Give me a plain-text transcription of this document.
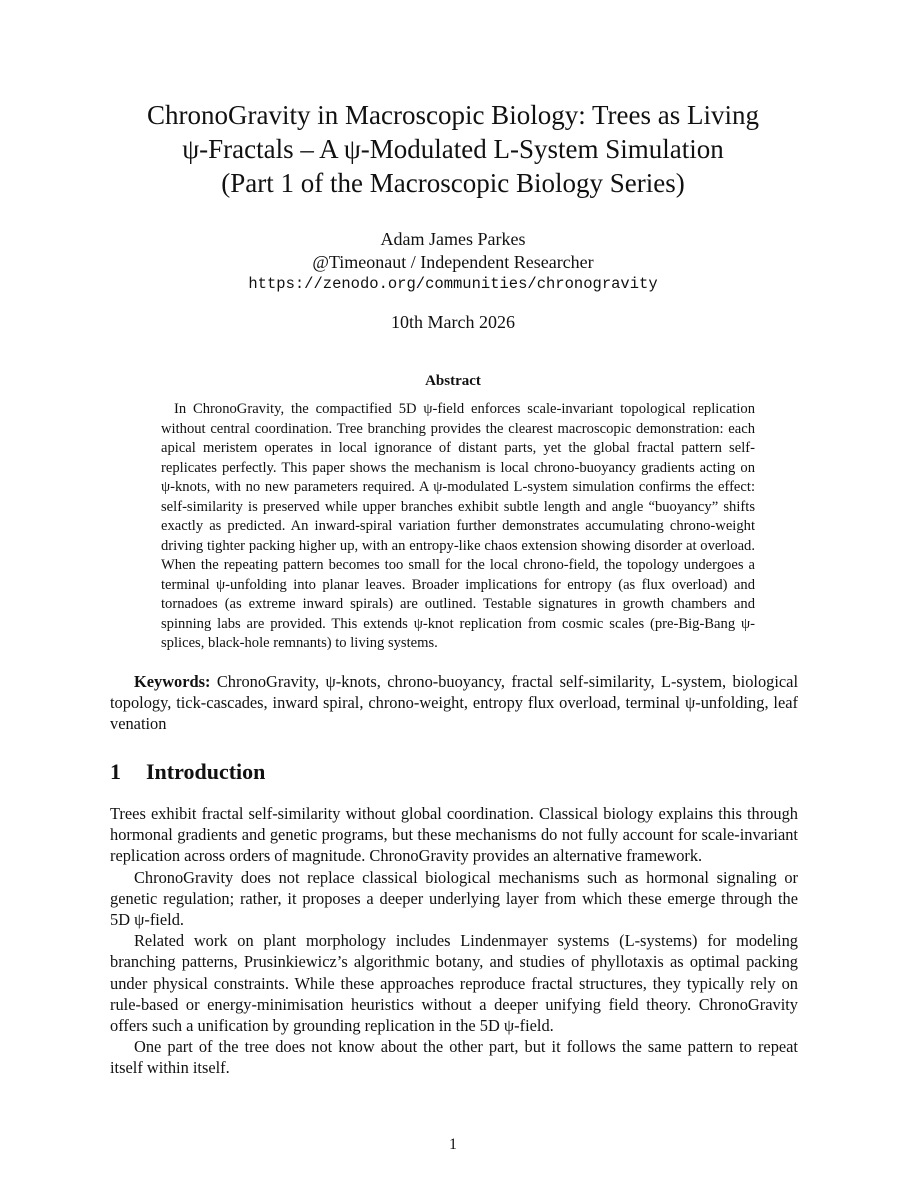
ChronoGravity in Macroscopic Biology: Trees as Living
ψ-Fractals – A ψ-Modulated L-System Simulation
(Part 1 of the Macroscopic Biology Series)
Adam James Parkes
@Timeonaut / Independent Researcher
https://zenodo.org/communities/chronogravity
10th March 2026
Abstract

In ChronoGravity, the compactified 5D ψ-field enforces scale-invariant topological replication without central coordination. Tree branching provides the clearest macroscopic demonstration: each apical meristem operates in local ignorance of distant parts, yet the global fractal pattern self-replicates perfectly. This paper shows the mechanism is local chrono-buoyancy gradients acting on ψ-knots, with no new parameters required. A ψ-modulated L-system simulation confirms the effect: self-similarity is preserved while upper branches exhibit subtle length and angle “buoyancy” shifts exactly as predicted. An inward-spiral variation further demonstrates accumulating chrono-weight driving tighter packing higher up, with an entropy-like chaos extension showing disorder at overload. When the repeating pattern becomes too small for the local chrono-field, the topology undergoes a terminal ψ-unfolding into planar leaves. Broader implications for entropy (as flux overload) and tornadoes (as extreme inward spirals) are outlined. Testable signatures in growth chambers and spinning labs are provided. This extends ψ-knot replication from cosmic scales (pre-Big-Bang ψ-splices, black-hole remnants) to living systems.

Keywords: ChronoGravity, ψ-knots, chrono-buoyancy, fractal self-similarity, L-system, biological topology, tick-cascades, inward spiral, chrono-weight, entropy flux overload, terminal ψ-unfolding, leaf venation

1 Introduction

Trees exhibit fractal self-similarity without global coordination. Classical biology explains this through hormonal gradients and genetic programs, but these mechanisms do not fully account for scale-invariant replication across orders of magnitude. ChronoGravity provides an alternative framework.

ChronoGravity does not replace classical biological mechanisms such as hormonal signaling or genetic regulation; rather, it proposes a deeper underlying layer from which these emerge through the 5D ψ-field.

Related work on plant morphology includes Lindenmayer systems (L-systems) for modeling branching patterns, Prusinkiewicz’s algorithmic botany, and studies of phyllotaxis as optimal packing under physical constraints. While these approaches reproduce fractal structures, they typically rely on rule-based or energy-minimisation heuristics without a deeper unifying field theory. ChronoGravity offers such a unification by grounding replication in the 5D ψ-field.

One part of the tree does not know about the other part, but it follows the same pattern to repeat itself within itself.

1
